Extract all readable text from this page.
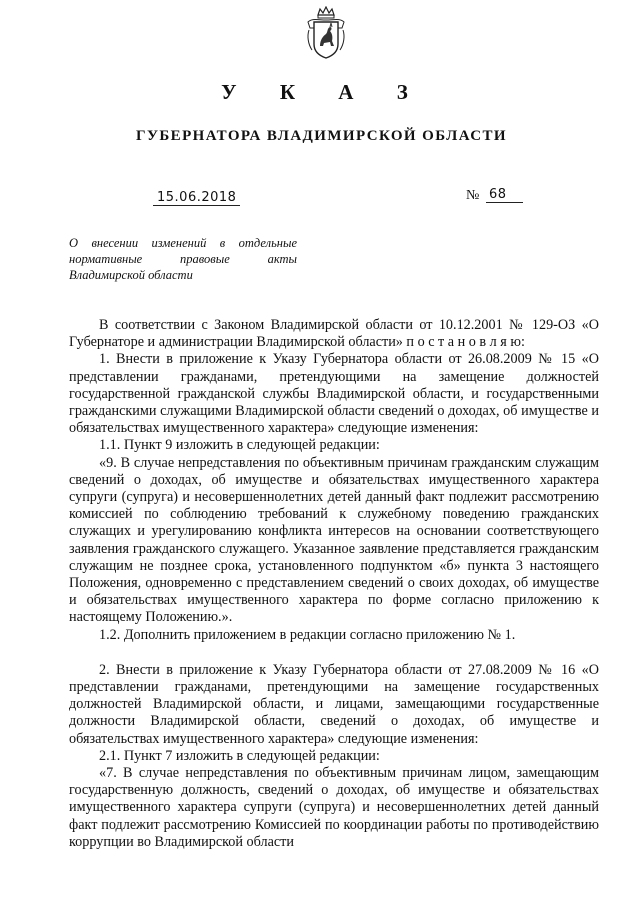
У К А З
ГУБЕРНАТОРА ВЛАДИМИРСКОЙ ОБЛАСТИ
15.06.2018	№ 68
О внесении изменений в отдельные нормативные правовые акты Владимирской области

В соответствии с Законом Владимирской области от 10.12.2001 № 129-ОЗ «О Губернаторе и администрации Владимирской области» п о с т а н о в л я ю:

1. Внести в приложение к Указу Губернатора области от 26.08.2009 № 15 «О представлении гражданами, претендующими на замещение должностей государственной гражданской службы Владимирской области, и государственными гражданскими служащими Владимирской области сведений о доходах, об имуществе и обязательствах имущественного характера» следующие изменения:

1.1. Пункт 9 изложить в следующей редакции:

«9. В случае непредставления по объективным причинам гражданским служащим сведений о доходах, об имуществе и обязательствах имущественного характера супруги (супруга) и несовершеннолетних детей данный факт подлежит рассмотрению комиссией по соблюдению требований к служебному поведению гражданских служащих и урегулированию конфликта интересов на основании соответствующего заявления гражданского служащего. Указанное заявление представляется гражданским служащим не позднее срока, установленного подпунктом «б» пункта 3 настоящего Положения, одновременно с представлением сведений о своих доходах, об имуществе и обязательствах имущественного характера по форме согласно приложению к настоящему Положению.».

1.2. Дополнить приложением в редакции согласно приложению № 1.

2. Внести в приложение к Указу Губернатора области от 27.08.2009 № 16 «О представлении гражданами, претендующими на замещение государственных должностей Владимирской области, и лицами, замещающими государственные должности Владимирской области, сведений о доходах, об имуществе и обязательствах имущественного характера» следующие изменения:

2.1. Пункт 7 изложить в следующей редакции:

«7. В случае непредставления по объективным причинам лицом, замещающим государственную должность, сведений о доходах, об имуществе и обязательствах имущественного характера супруги (супруга) и несовершеннолетних детей данный факт подлежит рассмотрению Комиссией по координации работы по противодействию коррупции во Владимирской области
